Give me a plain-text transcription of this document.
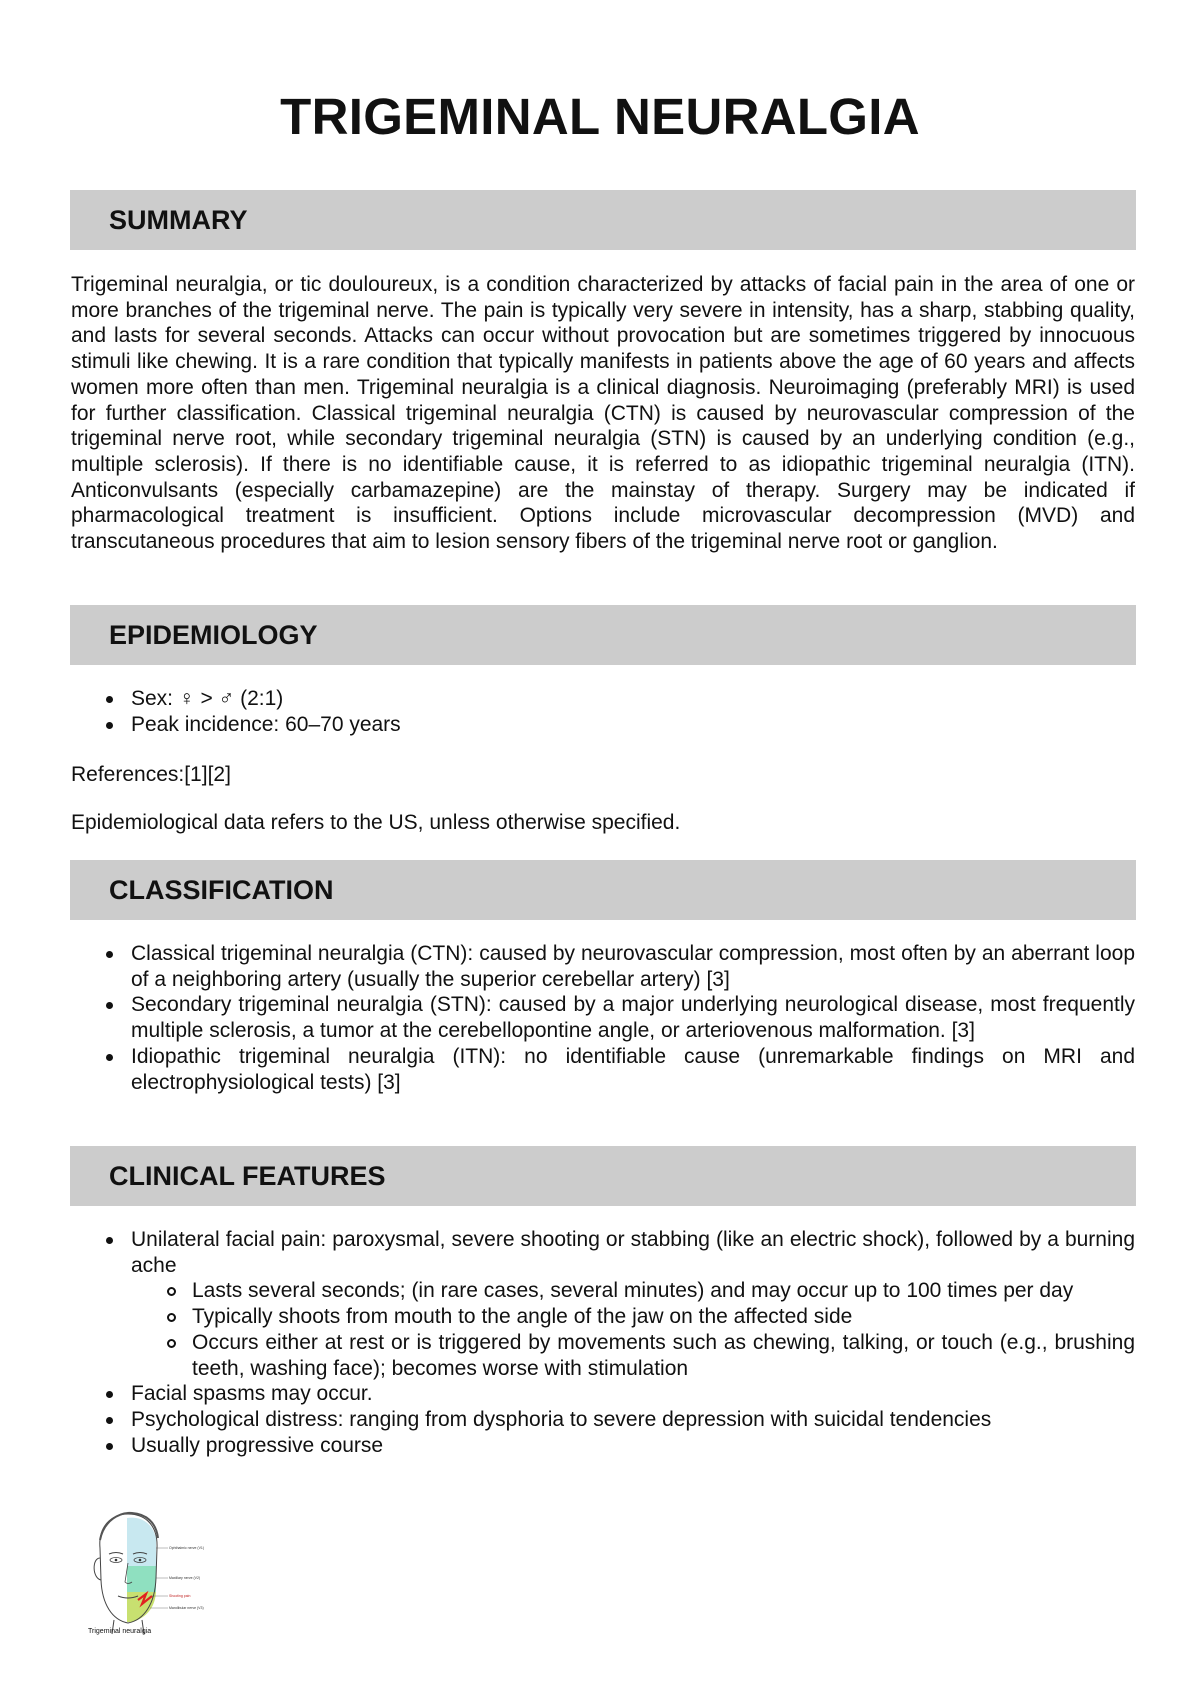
TRIGEMINAL NEURALGIA
SUMMARY

Trigeminal neuralgia, or tic douloureux, is a condition characterized by attacks of facial pain in the area of one or more branches of the trigeminal nerve. The pain is typically very severe in intensity, has a sharp, stabbing quality, and lasts for several seconds. Attacks can occur without provocation but are sometimes triggered by innocuous stimuli like chewing. It is a rare condition that typically manifests in patients above the age of 60 years and affects women more often than men. Trigeminal neuralgia is a clinical diagnosis. Neuroimaging (preferably MRI) is used for further classification. Classical trigeminal neuralgia (CTN) is caused by neurovascular compression of the trigeminal nerve root, while secondary trigeminal neuralgia (STN) is caused by an underlying condition (e.g., multiple sclerosis). If there is no identifiable cause, it is referred to as idiopathic trigeminal neuralgia (ITN). Anticonvulsants (especially carbamazepine) are the mainstay of therapy. Surgery may be indicated if pharmacological treatment is insufficient. Options include microvascular decompression (MVD) and transcutaneous procedures that aim to lesion sensory fibers of the trigeminal nerve root or ganglion.

EPIDEMIOLOGY
Sex: ♀ > ♂ (2:1)
Peak incidence: 60–70 years

References:[1][2]

Epidemiological data refers to the US, unless otherwise specified.

CLASSIFICATION
Classical trigeminal neuralgia (CTN): caused by neurovascular compression, most often by an aberrant loop of a neighboring artery (usually the superior cerebellar artery) [3]
Secondary trigeminal neuralgia (STN): caused by a major underlying neurological disease, most frequently multiple sclerosis, a tumor at the cerebellopontine angle, or arteriovenous malformation. [3]
Idiopathic trigeminal neuralgia (ITN): no identifiable cause (unremarkable findings on MRI and electrophysiological tests) [3]
CLINICAL FEATURES
Unilateral facial pain: paroxysmal, severe shooting or stabbing (like an electric shock), followed by a burning ache
Lasts several seconds; (in rare cases, several minutes) and may occur up to 100 times per day
Typically shoots from mouth to the angle of the jaw on the affected side
Occurs either at rest or is triggered by movements such as chewing, talking, or touch (e.g., brushing teeth, washing face); becomes worse with stimulation
Facial spasms may occur.
Psychological distress: ranging from dysphoria to severe depression with suicidal tendencies
Usually progressive course
Ophthalmic nerve (V1)
Maxillary nerve (V2)
Shooting pain
Mandibular nerve (V3)
Trigeminal neuralgia
